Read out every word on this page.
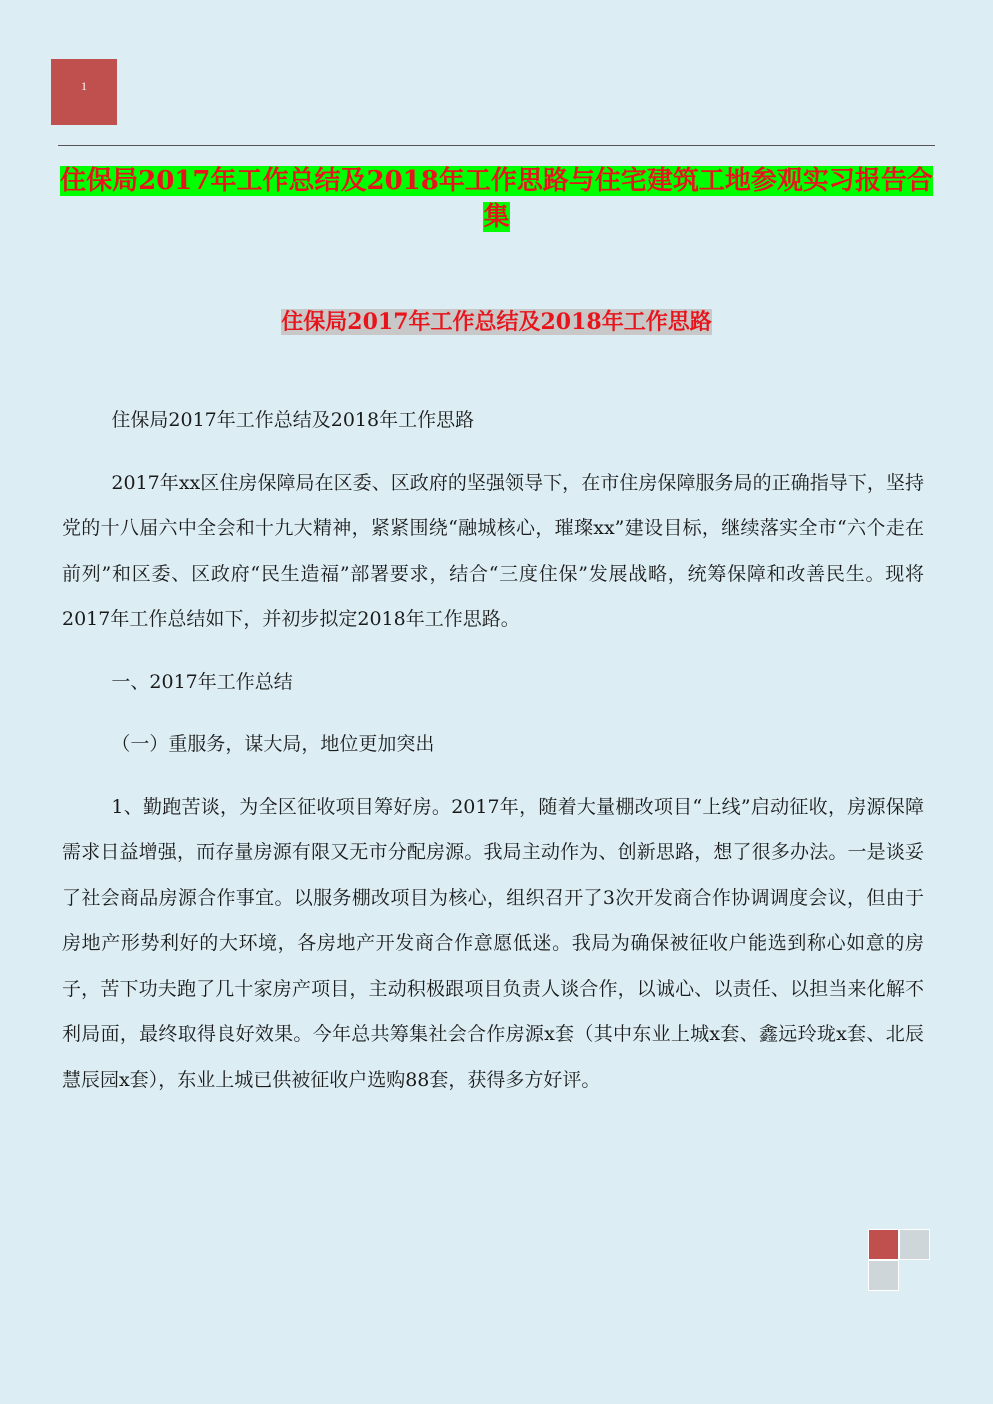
1
住保局2017年工作总结及2018年工作思路与住宅建筑工地参观实习报告合集
住保局2017年工作总结及2018年工作思路

住保局2017年工作总结及2018年工作思路

2017年xx区住房保障局在区委、区政府的坚强领导下，在市住房保障服务局的正确指导下，坚持党的十八届六中全会和十九大精神，紧紧围绕“融城核心，璀璨xx”建设目标，继续落实全市“六个走在前列”和区委、区政府“民生造福”部署要求，结合“三度住保”发展战略，统筹保障和改善民生。现将2017年工作总结如下，并初步拟定2018年工作思路。

一、2017年工作总结

（一）重服务，谋大局，地位更加突出

1、勤跑苦谈，为全区征收项目筹好房。2017年，随着大量棚改项目“上线”启动征收，房源保障需求日益增强，而存量房源有限又无市分配房源。我局主动作为、创新思路，想了很多办法。一是谈妥了社会商品房源合作事宜。以服务棚改项目为核心，组织召开了3次开发商合作协调调度会议，但由于房地产形势利好的大环境，各房地产开发商合作意愿低迷。我局为确保被征收户能选到称心如意的房子，苦下功夫跑了几十家房产项目，主动积极跟项目负责人谈合作，以诚心、以责任、以担当来化解不利局面，最终取得良好效果。今年总共筹集社会合作房源x套（其中东业上城x套、鑫远玲珑x套、北辰慧辰园x套），东业上城已供被征收户选购88套，获得多方好评。
